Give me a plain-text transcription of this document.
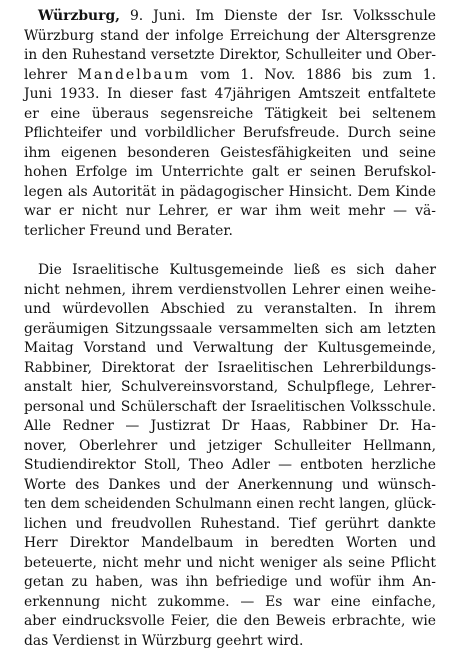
Würzburg, 9. Juni. Im Dienste der Isr. Volksschule

Würzburg stand der infolge Erreichung der Altersgrenze

in den Ruhestand versetzte Direktor, Schulleiter und Ober-

lehrer Mandelbaum vom 1. Nov. 1886 bis zum 1.

Juni 1933. In dieser fast 47jährigen Amtszeit entfaltete

er eine überaus segensreiche Tätigkeit bei seltenem

Pflichteifer und vorbildlicher Berufsfreude. Durch seine

ihm eigenen besonderen Geistesfähigkeiten und seine

hohen Erfolge im Unterrichte galt er seinen Berufskol-

legen als Autorität in pädagogischer Hinsicht. Dem Kinde

war er nicht nur Lehrer, er war ihm weit mehr — vä-

terlicher Freund und Berater.

Die Israelitische Kultusgemeinde ließ es sich daher

nicht nehmen, ihrem verdienstvollen Lehrer einen weihe-

und würdevollen Abschied zu veranstalten. In ihrem

geräumigen Sitzungssaale versammelten sich am letzten

Maitag Vorstand und Verwaltung der Kultusgemeinde,

Rabbiner, Direktorat der Israelitischen Lehrerbildungs-

anstalt hier, Schulvereinsvorstand, Schulpflege, Lehrer-

personal und Schülerschaft der Israelitischen Volksschule.

Alle Redner — Justizrat Dr Haas, Rabbiner Dr. Ha-

nover, Oberlehrer und jetziger Schulleiter Hellmann,

Studiendirektor Stoll, Theo Adler — entboten herzliche

Worte des Dankes und der Anerkennung und wünsch-

ten dem scheidenden Schulmann einen recht langen, glück-

lichen und freudvollen Ruhestand. Tief gerührt dankte

Herr Direktor Mandelbaum in beredten Worten und

beteuerte, nicht mehr und nicht weniger als seine Pflicht

getan zu haben, was ihn befriedige und wofür ihm An-

erkennung nicht zukomme. — Es war eine einfache,

aber eindrucksvolle Feier, die den Beweis erbrachte, wie

das Verdienst in Würzburg geehrt wird.
